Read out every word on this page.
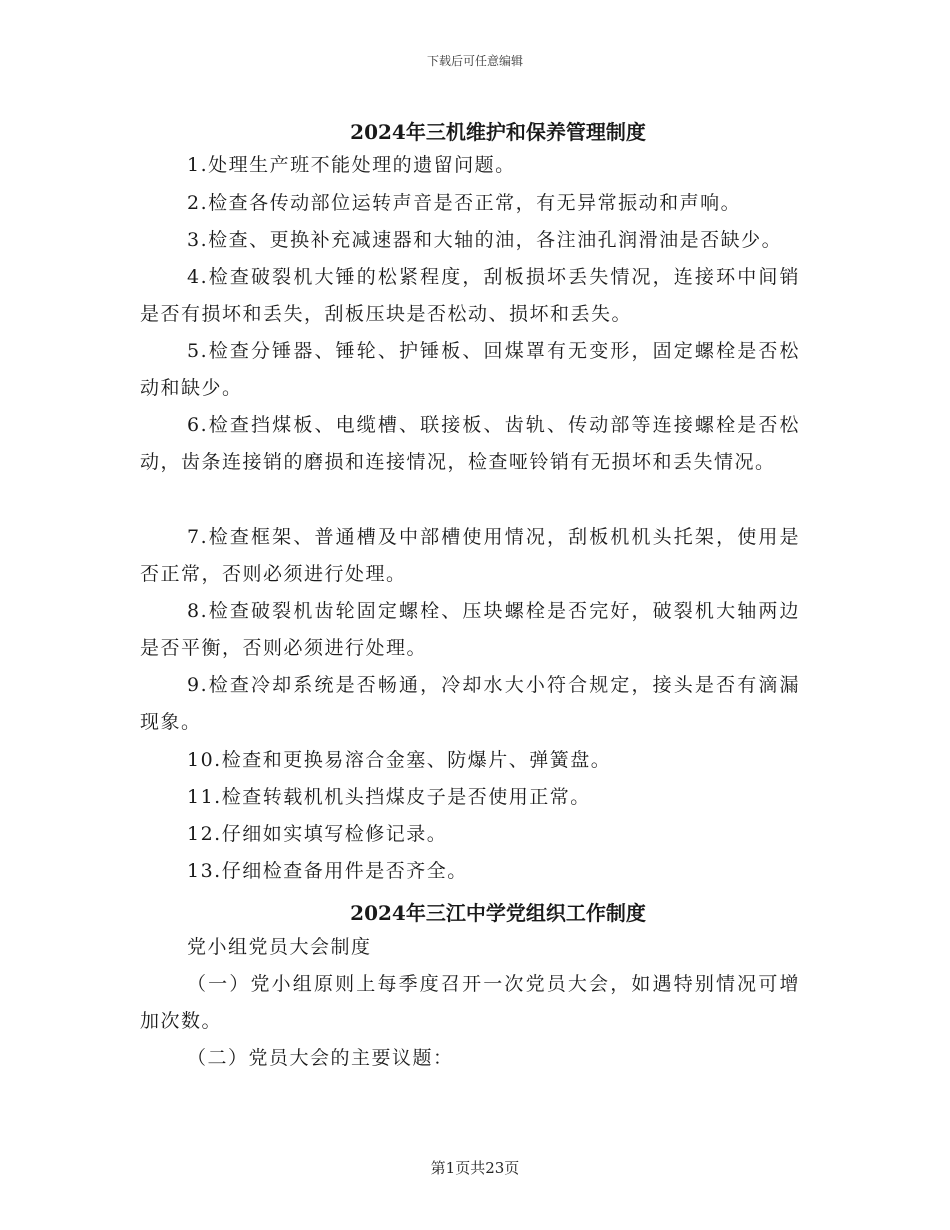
下载后可任意编辑
2024年三机维护和保养管理制度
1.处理生产班不能处理的遗留问题。
2.检查各传动部位运转声音是否正常，有无异常振动和声响。
3.检查、更换补充减速器和大轴的油，各注油孔润滑油是否缺少。
4.检查破裂机大锤的松紧程度，刮板损坏丢失情况，连接环中间销是否有损坏和丢失，刮板压块是否松动、损坏和丢失。
5.检查分锤器、锤轮、护锤板、回煤罩有无变形，固定螺栓是否松动和缺少。
6.检查挡煤板、电缆槽、联接板、齿轨、传动部等连接螺栓是否松动，齿条连接销的磨损和连接情况，检查哑铃销有无损坏和丢失情况。
7.检查框架、普通槽及中部槽使用情况，刮板机机头托架，使用是否正常，否则必须进行处理。
8.检查破裂机齿轮固定螺栓、压块螺栓是否完好，破裂机大轴两边是否平衡，否则必须进行处理。
9.检查冷却系统是否畅通，冷却水大小符合规定，接头是否有滴漏现象。
10.检查和更换易溶合金塞、防爆片、弹簧盘。
11.检查转载机机头挡煤皮子是否使用正常。
12.仔细如实填写检修记录。
13.仔细检查备用件是否齐全。
2024年三江中学党组织工作制度
党小组党员大会制度
（一）党小组原则上每季度召开一次党员大会，如遇特别情况可增加次数。
（二）党员大会的主要议题：
第1页共23页
